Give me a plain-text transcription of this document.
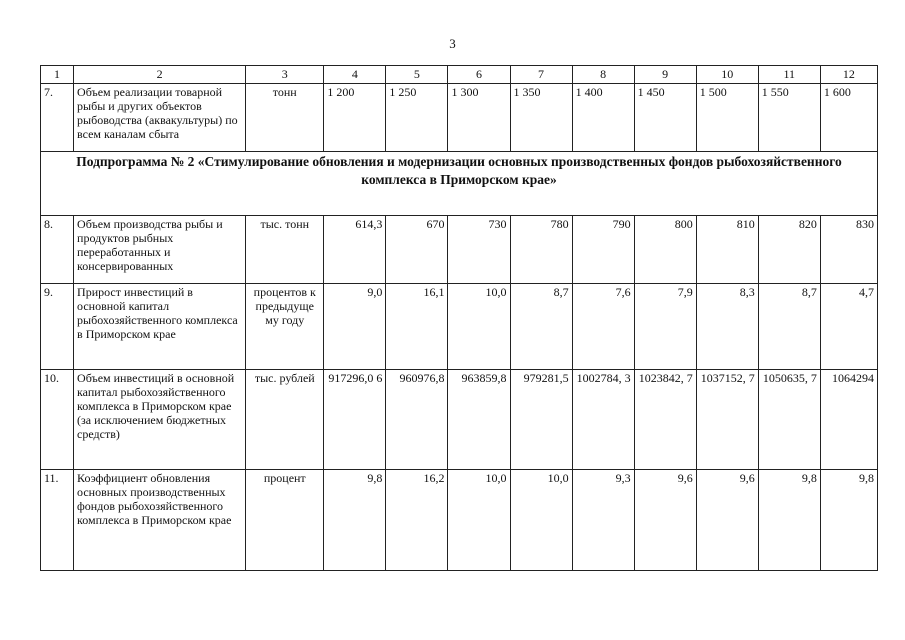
3
1	2	3	4	5	6	7	8	9	10	11	12
7.	Объем реализации товарной рыбы и других объектов рыбоводства (аквакультуры) по всем каналам сбыта	тонн	1 200	1 250	1 300	1 350	1 400	1 450	1 500	1 550	1 600
Подпрограмма № 2 «Стимулирование обновления и модернизации основных производственных фондов рыбохозяйственного комплекса в Приморском крае»											
8.	Объем производства рыбы и продуктов рыбных переработанных и консервированных	тыс. тонн	614,3	670	730	780	790	800	810	820	830
9.	Прирост инвестиций в основной капитал рыбохозяйственного комплекса в Приморском крае	процентов к предыдуще му году	9,0	16,1	10,0	8,7	7,6	7,9	8,3	8,7	4,7
10.	Объем инвестиций в основной капитал рыбохозяйственного комплекса в Приморском крае (за исключением бюджетных средств)	тыс. рублей	917296,0 6	960976,8	963859,8	979281,5	1002784, 3	1023842, 7	1037152, 7	1050635, 7	1064294
11.	Коэффициент обновления основных производственных фондов рыбохозяйственного комплекса в Приморском крае	процент	9,8	16,2	10,0	10,0	9,3	9,6	9,6	9,8	9,8
